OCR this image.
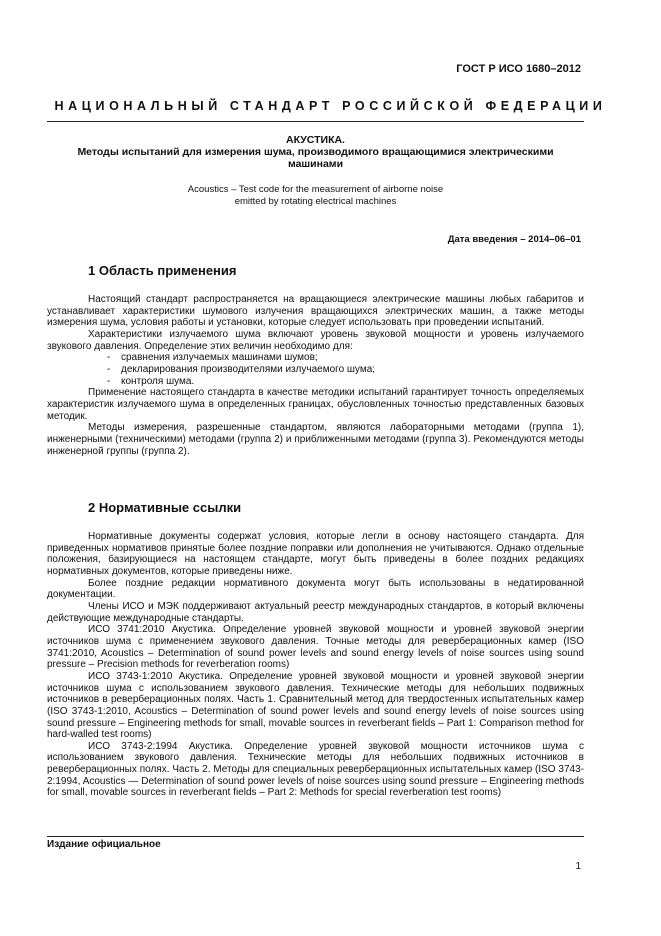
ГОСТ Р ИСО 1680–2012
НАЦИОНАЛЬНЫЙ СТАНДАРТ РОССИЙСКОЙ ФЕДЕРАЦИИ
АКУСТИКА.
Методы испытаний для измерения шума, производимого вращающимися электрическими
машинами
Acoustics – Test code for the measurement of airborne noise
emitted by rotating electrical machines
Дата введения – 2014–06–01
1 Область применения

Настоящий стандарт распространяется на вращающиеся электрические машины любых габаритов и устанавливает характеристики шумового излучения вращающихся электрических машин, а также методы измерения шума, условия работы и установки, которые следует использовать при проведении испытаний.

Характеристики излучаемого шума включают уровень звуковой мощности и уровень излучаемого звукового давления. Определение этих величин необходимо для:

- сравнения излучаемых машинами шумов;

- декларирования производителями излучаемого шума;

- контроля шума.

Применение настоящего стандарта в качестве методики испытаний гарантирует точность определяемых характеристик излучаемого шума в определенных границах, обусловленных точностью представленных базовых методик.

Методы измерения, разрешенные стандартом, являются лабораторными методами (группа 1), инженерными (техническими) методами (группа 2) и приближенными методами (группа 3). Рекомендуются методы инженерной группы (группа 2).

2 Нормативные ссылки

Нормативные документы содержат условия, которые легли в основу настоящего стандарта. Для приведенных нормативов принятые более поздние поправки или дополнения не учитываются. Однако отдельные положения, базирующиеся на настоящем стандарте, могут быть приведены в более поздних редакциях нормативных документов, которые приведены ниже.

Более поздние редакции нормативного документа могут быть использованы в недатированной документации.

Члены ИСО и МЭК поддерживают актуальный реестр международных стандартов, в который включены действующие международные стандарты.

ИСО 3741:2010 Акустика. Определение уровней звуковой мощности и уровней звуковой энергии источников шума с применением звукового давления. Точные методы для реверберационных камер (ISO 3741:2010, Acoustics – Determination of sound power levels and sound energy levels of noise sources using sound pressure – Precision methods for reverberation rooms)

ИСО 3743-1:2010 Акустика. Определение уровней звуковой мощности и уровней звуковой энергии источников шума с использованием звукового давления. Технические методы для небольших подвижных источников в реверберационных полях. Часть 1. Сравнительный метод для твердостенных испытательных камер (ISO 3743-1:2010, Acoustics – Determination of sound power levels and sound energy levels of noise sources using sound pressure – Engineering methods for small, movable sources in reverberant fields – Part 1: Comparison method for hard-walled test rooms)

ИСО 3743-2:1994 Акустика. Определение уровней звуковой мощности источников шума с использованием звукового давления. Технические методы для небольших подвижных источников в реверберационных полях. Часть 2. Методы для специальных реверберационных испытательных камер (ISO 3743-2:1994, Acoustics — Determination of sound power levels of noise sources using sound pressure – Engineering methods for small, movable sources in reverberant fields – Part 2: Methods for special reverberation test rooms)

Издание официальное
1
